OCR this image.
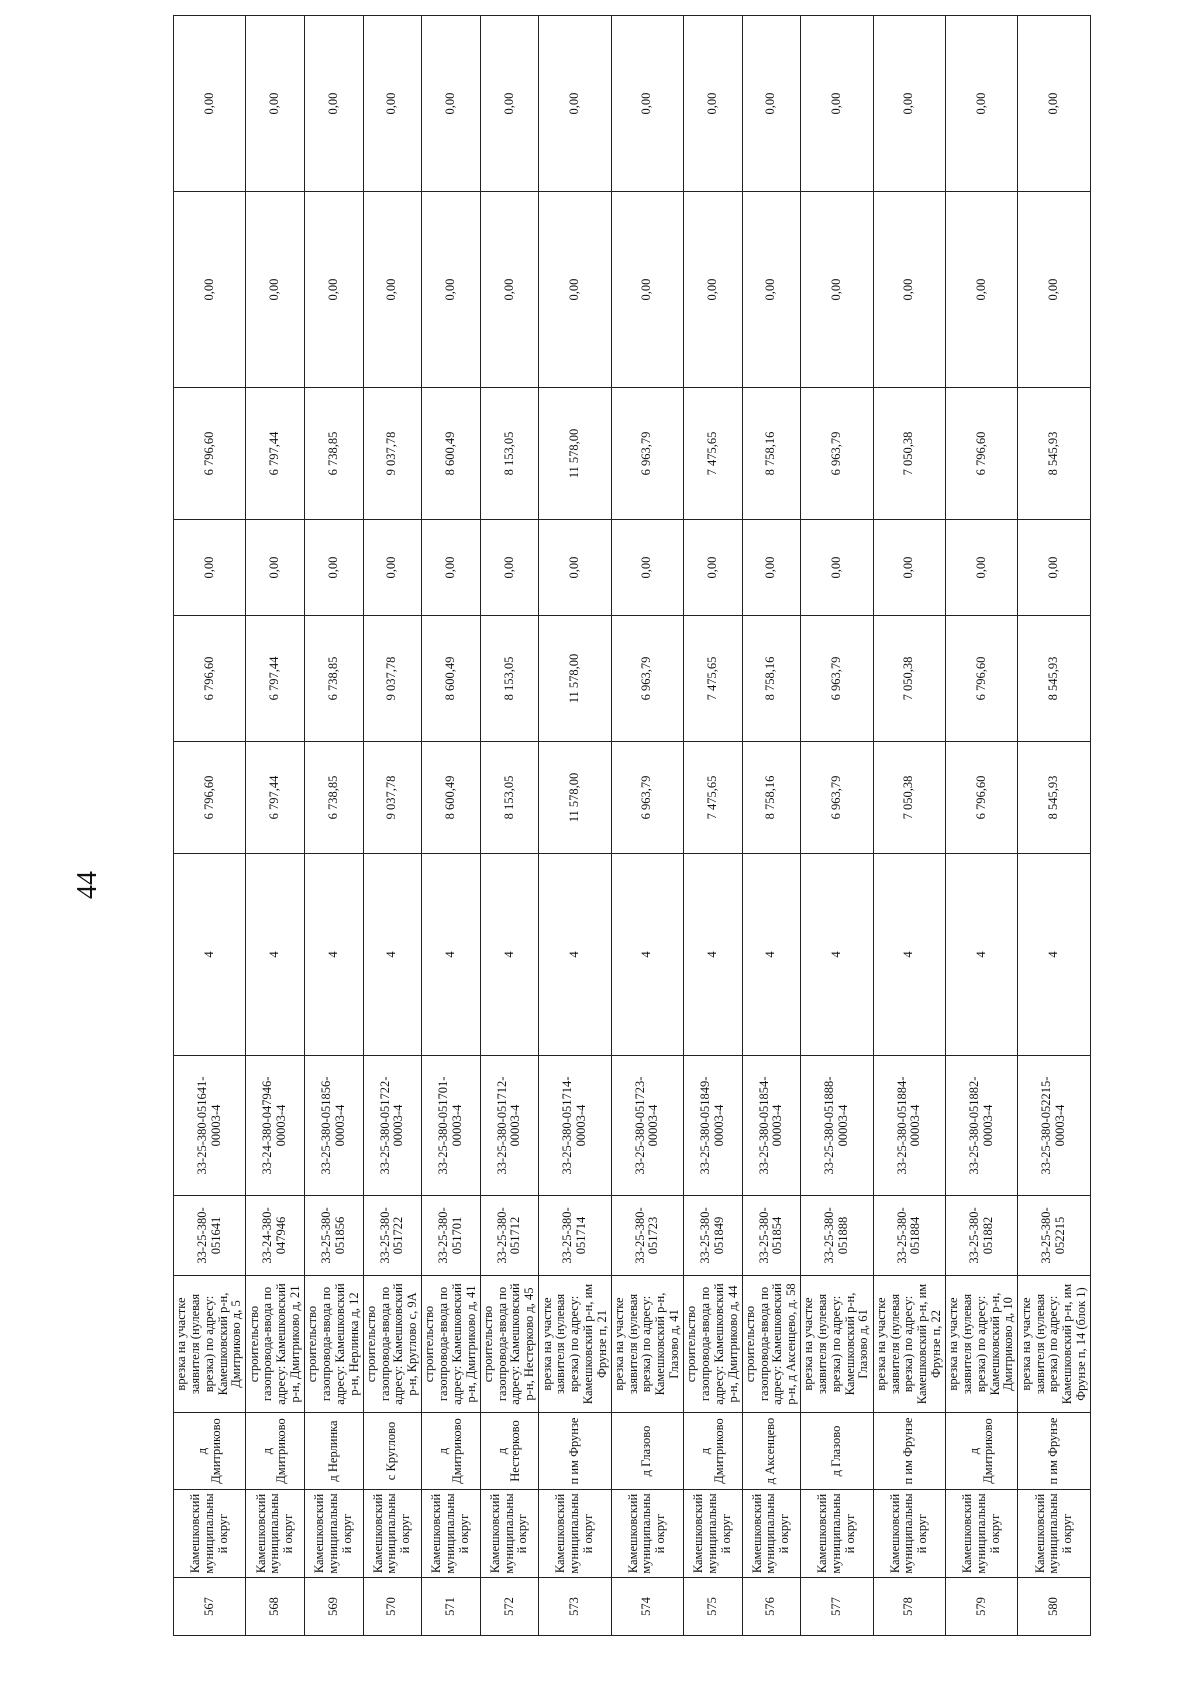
44
567	Камешковский муниципальный округ	д Дмитриково	врезка на участке заявителя (нулевая врезка) по адресу: Камешковский р-н, Дмитриково д, 5	33-25-380-051641	33-25-380-051641-00003-4	4	6 796,60	6 796,60	0,00	6 796,60	0,00	0,00
568	Камешковский муниципальный округ	д Дмитриково	строительство газопровода-ввода по адресу: Камешковский р-н, Дмитриково д, 21	33-24-380-047946	33-24-380-047946-00003-4	4	6 797,44	6 797,44	0,00	6 797,44	0,00	0,00
569	Камешковский муниципальный округ	д Нерлинка	строительство газопровода-ввода по адресу: Камешковский р-н, Нерлинка д, 12	33-25-380-051856	33-25-380-051856-00003-4	4	6 738,85	6 738,85	0,00	6 738,85	0,00	0,00
570	Камешковский муниципальный округ	с Круглово	строительство газопровода-ввода по адресу: Камешковский р-н, Круглово с, 9А	33-25-380-051722	33-25-380-051722-00003-4	4	9 037,78	9 037,78	0,00	9 037,78	0,00	0,00
571	Камешковский муниципальный округ	д Дмитриково	строительство газопровода-ввода по адресу: Камешковский р-н, Дмитриково д, 41	33-25-380-051701	33-25-380-051701-00003-4	4	8 600,49	8 600,49	0,00	8 600,49	0,00	0,00
572	Камешковский муниципальный округ	д Нестерково	строительство газопровода-ввода по адресу: Камешковский р-н, Нестерково д, 45	33-25-380-051712	33-25-380-051712-00003-4	4	8 153,05	8 153,05	0,00	8 153,05	0,00	0,00
573	Камешковский муниципальный округ	п им Фрунзе	врезка на участке заявителя (нулевая врезка) по адресу: Камешковский р-н, им Фрунзе п, 21	33-25-380-051714	33-25-380-051714-00003-4	4	11 578,00	11 578,00	0,00	11 578,00	0,00	0,00
574	Камешковский муниципальный округ	д Глазово	врезка на участке заявителя (нулевая врезка) по адресу: Камешковский р-н, Глазово д, 41	33-25-380-051723	33-25-380-051723-00003-4	4	6 963,79	6 963,79	0,00	6 963,79	0,00	0,00
575	Камешковский муниципальный округ	д Дмитриково	строительство газопровода-ввода по адресу: Камешковский р-н, Дмитриково д, 44	33-25-380-051849	33-25-380-051849-00003-4	4	7 475,65	7 475,65	0,00	7 475,65	0,00	0,00
576	Камешковский муниципальный округ	д Аксенцево	строительство газопровода-ввода по адресу: Камешковский р-н, д Аксенцево, д. 58	33-25-380-051854	33-25-380-051854-00003-4	4	8 758,16	8 758,16	0,00	8 758,16	0,00	0,00
577	Камешковский муниципальный округ	д Глазово	врезка на участке заявителя (нулевая врезка) по адресу: Камешковский р-н, Глазово д, 61	33-25-380-051888	33-25-380-051888-00003-4	4	6 963,79	6 963,79	0,00	6 963,79	0,00	0,00
578	Камешковский муниципальный округ	п им Фрунзе	врезка на участке заявителя (нулевая врезка) по адресу: Камешковский р-н, им Фрунзе п, 22	33-25-380-051884	33-25-380-051884-00003-4	4	7 050,38	7 050,38	0,00	7 050,38	0,00	0,00
579	Камешковский муниципальный округ	д Дмитриково	врезка на участке заявителя (нулевая врезка) по адресу: Камешковский р-н, Дмитриково д, 10	33-25-380-051882	33-25-380-051882-00003-4	4	6 796,60	6 796,60	0,00	6 796,60	0,00	0,00
580	Камешковский муниципальный округ	п им Фрунзе	врезка на участке заявителя (нулевая врезка) по адресу: Камешковский р-н, им Фрунзе п, 14 (блок 1)	33-25-380-052215	33-25-380-052215-00003-4	4	8 545,93	8 545,93	0,00	8 545,93	0,00	0,00
